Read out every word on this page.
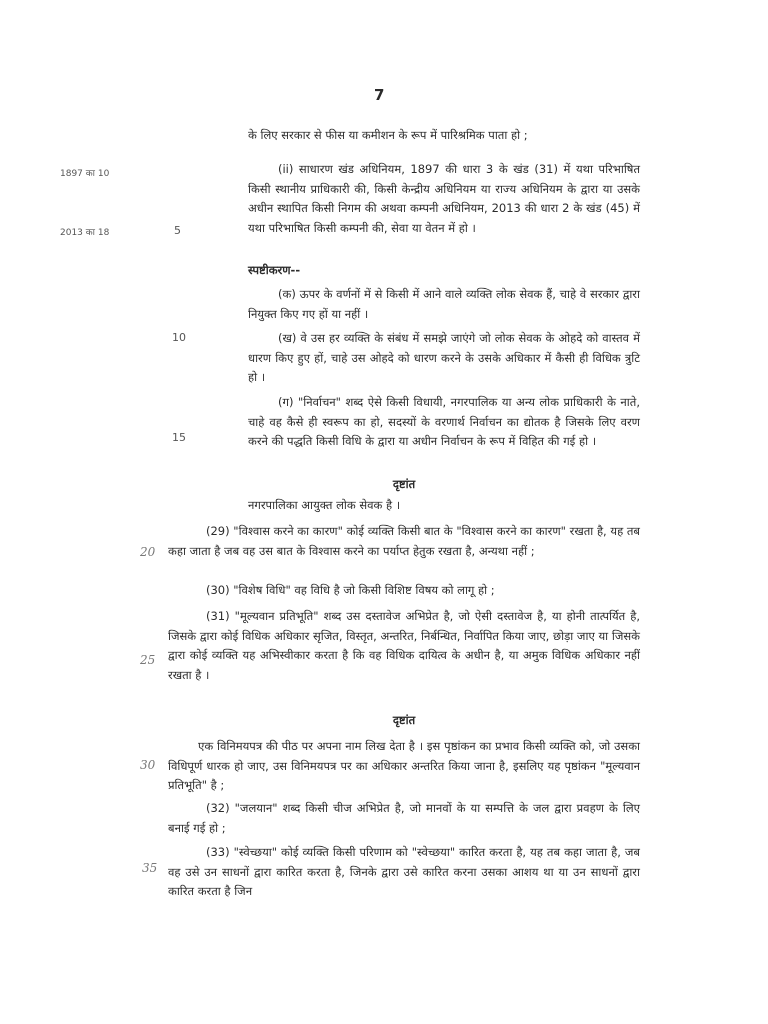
7
1897 का 10
2013 का 18	5
10
15
20
25
30
35

के लिए सरकार से फीस या कमीशन के रूप में पारिश्रमिक पाता हो ;

(ii) साधारण खंड अधिनियम, 1897 की धारा 3 के खंड (31) में यथा परिभाषित किसी स्थानीय प्राधिकारी की, किसी केन्द्रीय अधिनियम या राज्य अधिनियम के द्वारा या उसके अधीन स्थापित किसी निगम की अथवा कम्पनी अधिनियम, 2013 की धारा 2 के खंड (45) में यथा परिभाषित किसी कम्पनी की, सेवा या वेतन में हो ।

स्पष्टीकरण--

(क) ऊपर के वर्णनों में से किसी में आने वाले व्यक्ति लोक सेवक हैं, चाहे वे सरकार द्वारा नियुक्त किए गए हों या नहीं ।

(ख) वे उस हर व्यक्ति के संबंध में समझे जाएंगे जो लोक सेवक के ओहदे को वास्तव में धारण किए हुए हों, चाहे उस ओहदे को धारण करने के उसके अधिकार में कैसी ही विधिक त्रुटि हो ।

(ग) "निर्वाचन" शब्द ऐसे किसी विधायी, नगरपालिक या अन्य लोक प्राधिकारी के नाते, चाहे वह कैसे ही स्वरूप का हो, सदस्यों के वरणार्थ निर्वाचन का द्योतक है जिसके लिए वरण करने की पद्धति किसी विधि के द्वारा या अधीन निर्वाचन के रूप में विहित की गई हो ।

दृष्टांत

नगरपालिका आयुक्त लोक सेवक है ।

(29) "विश्वास करने का कारण" कोई व्यक्ति किसी बात के "विश्वास करने का कारण" रखता है, यह तब कहा जाता है जब वह उस बात के विश्वास करने का पर्याप्त हेतुक रखता है, अन्यथा नहीं ;

(30) "विशेष विधि" वह विधि है जो किसी विशिष्ट विषय को लागू हो ;

(31) "मूल्यवान प्रतिभूति" शब्द उस दस्तावेज अभिप्रेत है, जो ऐसी दस्तावेज है, या होनी तात्पर्यित है, जिसके द्वारा कोई विधिक अधिकार सृजित, विस्तृत, अन्तरित, निर्बन्धित, निर्वापित किया जाए, छोड़ा जाए या जिसके द्वारा कोई व्यक्ति यह अभिस्वीकार करता है कि वह विधिक दायित्व के अधीन है, या अमुक विधिक अधिकार नहीं रखता है ।

दृष्टांत

एक विनिमयपत्र की पीठ पर अपना नाम लिख देता है । इस पृष्ठांकन का प्रभाव किसी व्यक्ति को, जो उसका विधिपूर्ण धारक हो जाए, उस विनिमयपत्र पर का अधिकार अन्तरित किया जाना है, इसलिए यह पृष्ठांकन "मूल्यवान प्रतिभूति" है ;

(32) "जलयान" शब्द किसी चीज अभिप्रेत है, जो मानवों के या सम्पत्ति के जल द्वारा प्रवहण के लिए बनाई गई हो ;

(33) "स्वेच्छया" कोई व्यक्ति किसी परिणाम को "स्वेच्छया" कारित करता है, यह तब कहा जाता है, जब वह उसे उन साधनों द्वारा कारित करता है, जिनके द्वारा उसे कारित करना उसका आशय था या उन साधनों द्वारा कारित करता है जिन
